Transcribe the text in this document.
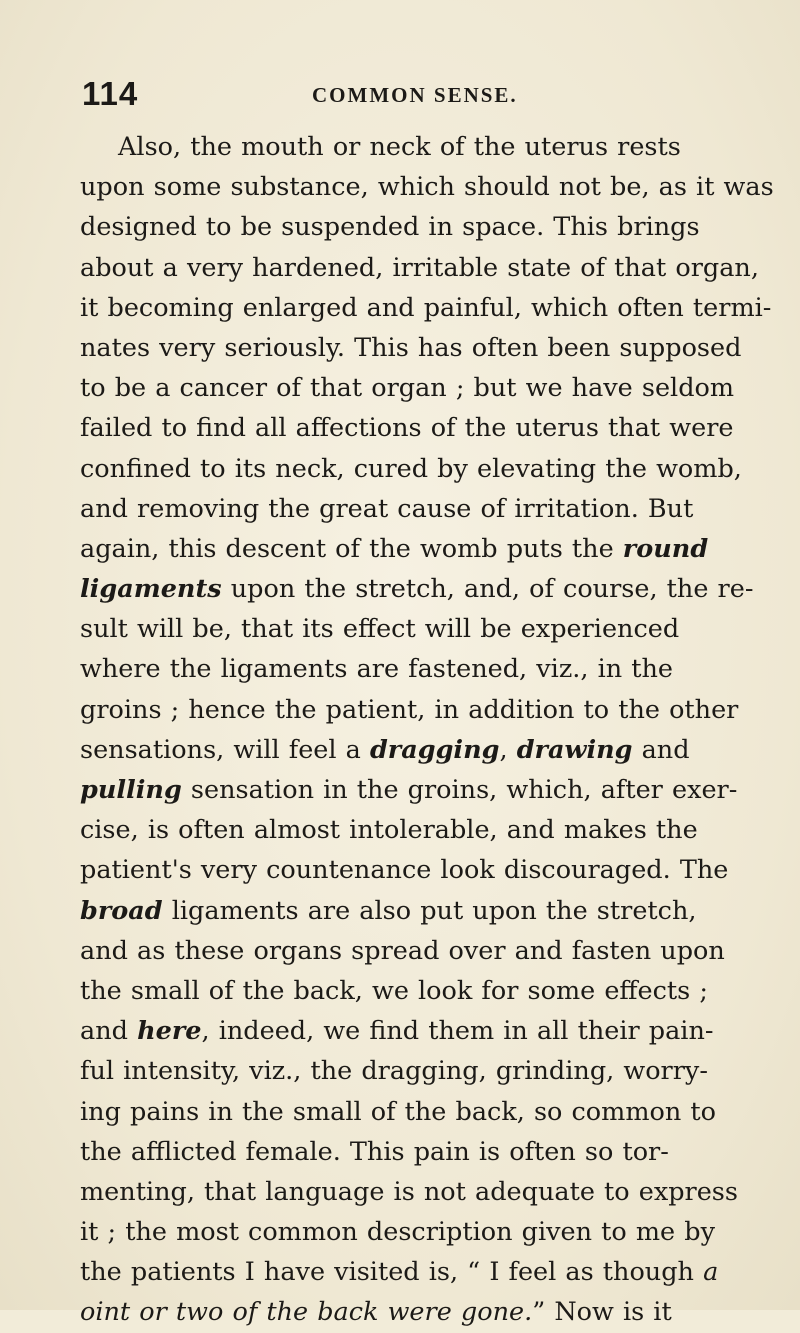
114	COMMON SENSE.
Also, the mouth or neck of the uterus rests
upon some substance, which should not be, as it was
designed to be suspended in space. This brings
about a very hardened, irritable state of that organ,
it becoming enlarged and painful, which often termi-
nates very seriously. This has often been supposed
to be a cancer of that organ ; but we have seldom
failed to find all affections of the uterus that were
confined to its neck, cured by elevating the womb,
and removing the great cause of irritation. But
again, this descent of the womb puts the round
ligaments upon the stretch, and, of course, the re-
sult will be, that its effect will be experienced
where the ligaments are fastened, viz., in the
groins ; hence the patient, in addition to the other
sensations, will feel a dragging, drawing and
pulling sensation in the groins, which, after exer-
cise, is often almost intolerable, and makes the
patient's very countenance look discouraged. The
broad ligaments are also put upon the stretch,
and as these organs spread over and fasten upon
the small of the back, we look for some effects ;
and here, indeed, we find them in all their pain-
ful intensity, viz., the dragging, grinding, worry-
ing pains in the small of the back, so common to
the afflicted female. This pain is often so tor-
menting, that language is not adequate to express
it ; the most common description given to me by
the patients I have visited is, “ I feel as though a
oint or two of the back were gone.” Now is it
